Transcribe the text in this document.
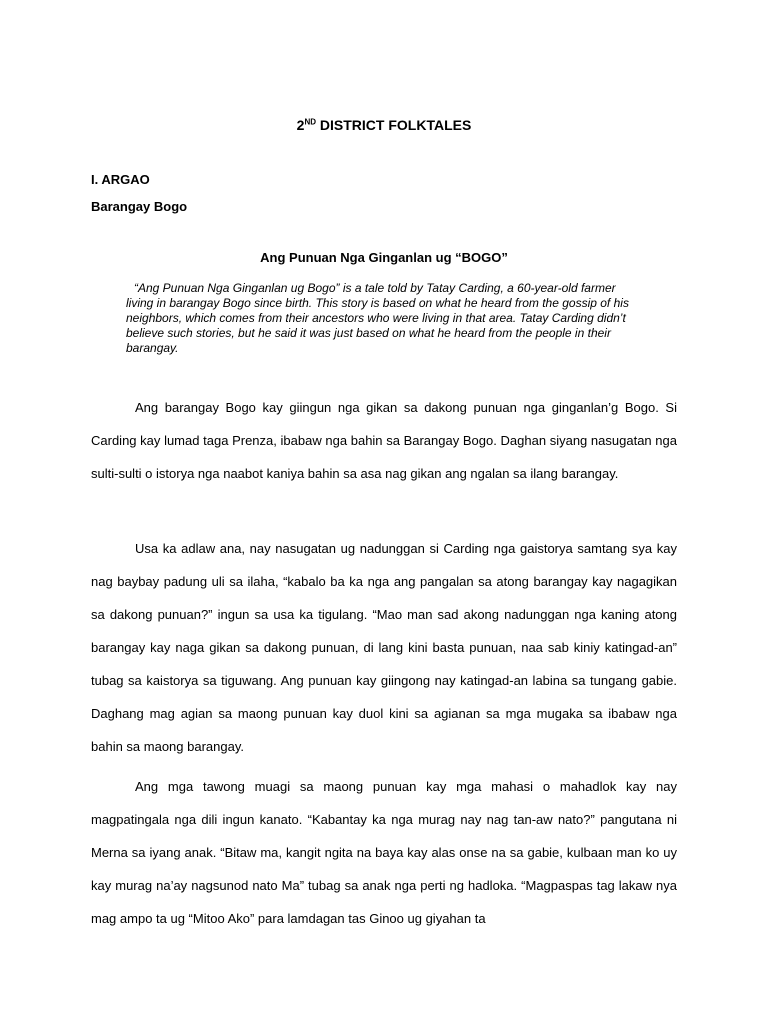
2ND DISTRICT FOLKTALES
I. ARGAO
Barangay Bogo
Ang Punuan Nga Ginganlan ug “BOGO”

“Ang Punuan Nga Ginganlan ug Bogo” is a tale told by Tatay Carding, a 60-year-old farmer living in barangay Bogo since birth. This story is based on what he heard from the gossip of his neighbors, which comes from their ancestors who were living in that area. Tatay Carding didn’t believe such stories, but he said it was just based on what he heard from the people in their barangay.

Ang barangay Bogo kay giingun nga gikan sa dakong punuan nga ginganlan’g Bogo. Si Carding kay lumad taga Prenza, ibabaw nga bahin sa Barangay Bogo. Daghan siyang nasugatan nga sulti-sulti o istorya nga naabot kaniya bahin sa asa nag gikan ang ngalan sa ilang barangay.

Usa ka adlaw ana, nay nasugatan ug nadunggan si Carding nga gaistorya samtang sya kay nag baybay padung uli sa ilaha, “kabalo ba ka nga ang pangalan sa atong barangay kay nagagikan sa dakong punuan?” ingun sa usa ka tigulang. “Mao man sad akong nadunggan nga kaning atong barangay kay naga gikan sa dakong punuan, di lang kini basta punuan, naa sab kiniy katingad-an” tubag sa kaistorya sa tiguwang. Ang punuan kay giingong nay katingad-an labina sa tungang gabie. Daghang mag agian sa maong punuan kay duol kini sa agianan sa mga mugaka sa ibabaw nga bahin sa maong barangay.

Ang mga tawong muagi sa maong punuan kay mga mahasi o mahadlok kay nay magpatingala nga dili ingun kanato. “Kabantay ka nga murag nay nag tan-aw nato?” pangutana ni Merna sa iyang anak. “Bitaw ma, kangit ngita na baya kay alas onse na sa gabie, kulbaan man ko uy kay murag na’ay nagsunod nato Ma” tubag sa anak nga perti ng hadloka. “Magpaspas tag lakaw nya mag ampo ta ug “Mitoo Ako” para lamdagan tas Ginoo ug giyahan ta
